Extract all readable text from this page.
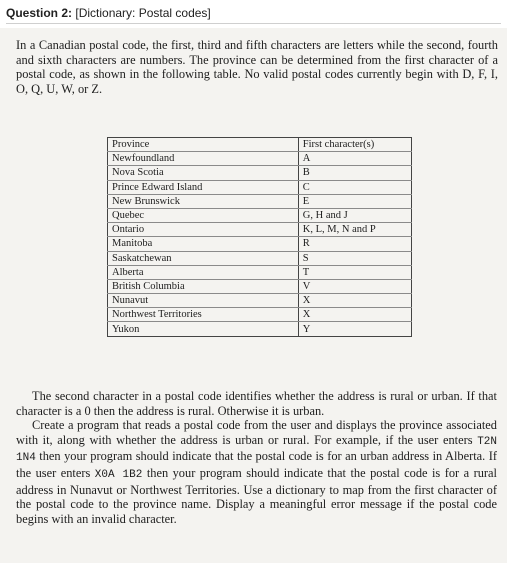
Question 2: [Dictionary: Postal codes]

In a Canadian postal code, the first, third and fifth characters are letters while the second, fourth and sixth characters are numbers. The province can be determined from the first character of a postal code, as shown in the following table. No valid postal codes currently begin with D, F, I, O, Q, U, W, or Z.

Province	First character(s)
Newfoundland	A
Nova Scotia	B
Prince Edward Island	C
New Brunswick	E
Quebec	G, H and J
Ontario	K, L, M, N and P
Manitoba	R
Saskatchewan	S
Alberta	T
British Columbia	V
Nunavut	X
Northwest Territories	X
Yukon	Y

The second character in a postal code identifies whether the address is rural or urban. If that character is a 0 then the address is rural. Otherwise it is urban.

Create a program that reads a postal code from the user and displays the province associated with it, along with whether the address is urban or rural. For example, if the user enters T2N 1N4 then your program should indicate that the postal code is for an urban address in Alberta. If the user enters X0A 1B2 then your program should indicate that the postal code is for a rural address in Nunavut or Northwest Territories. Use a dictionary to map from the first character of the postal code to the province name. Display a meaningful error message if the postal code begins with an invalid character.
